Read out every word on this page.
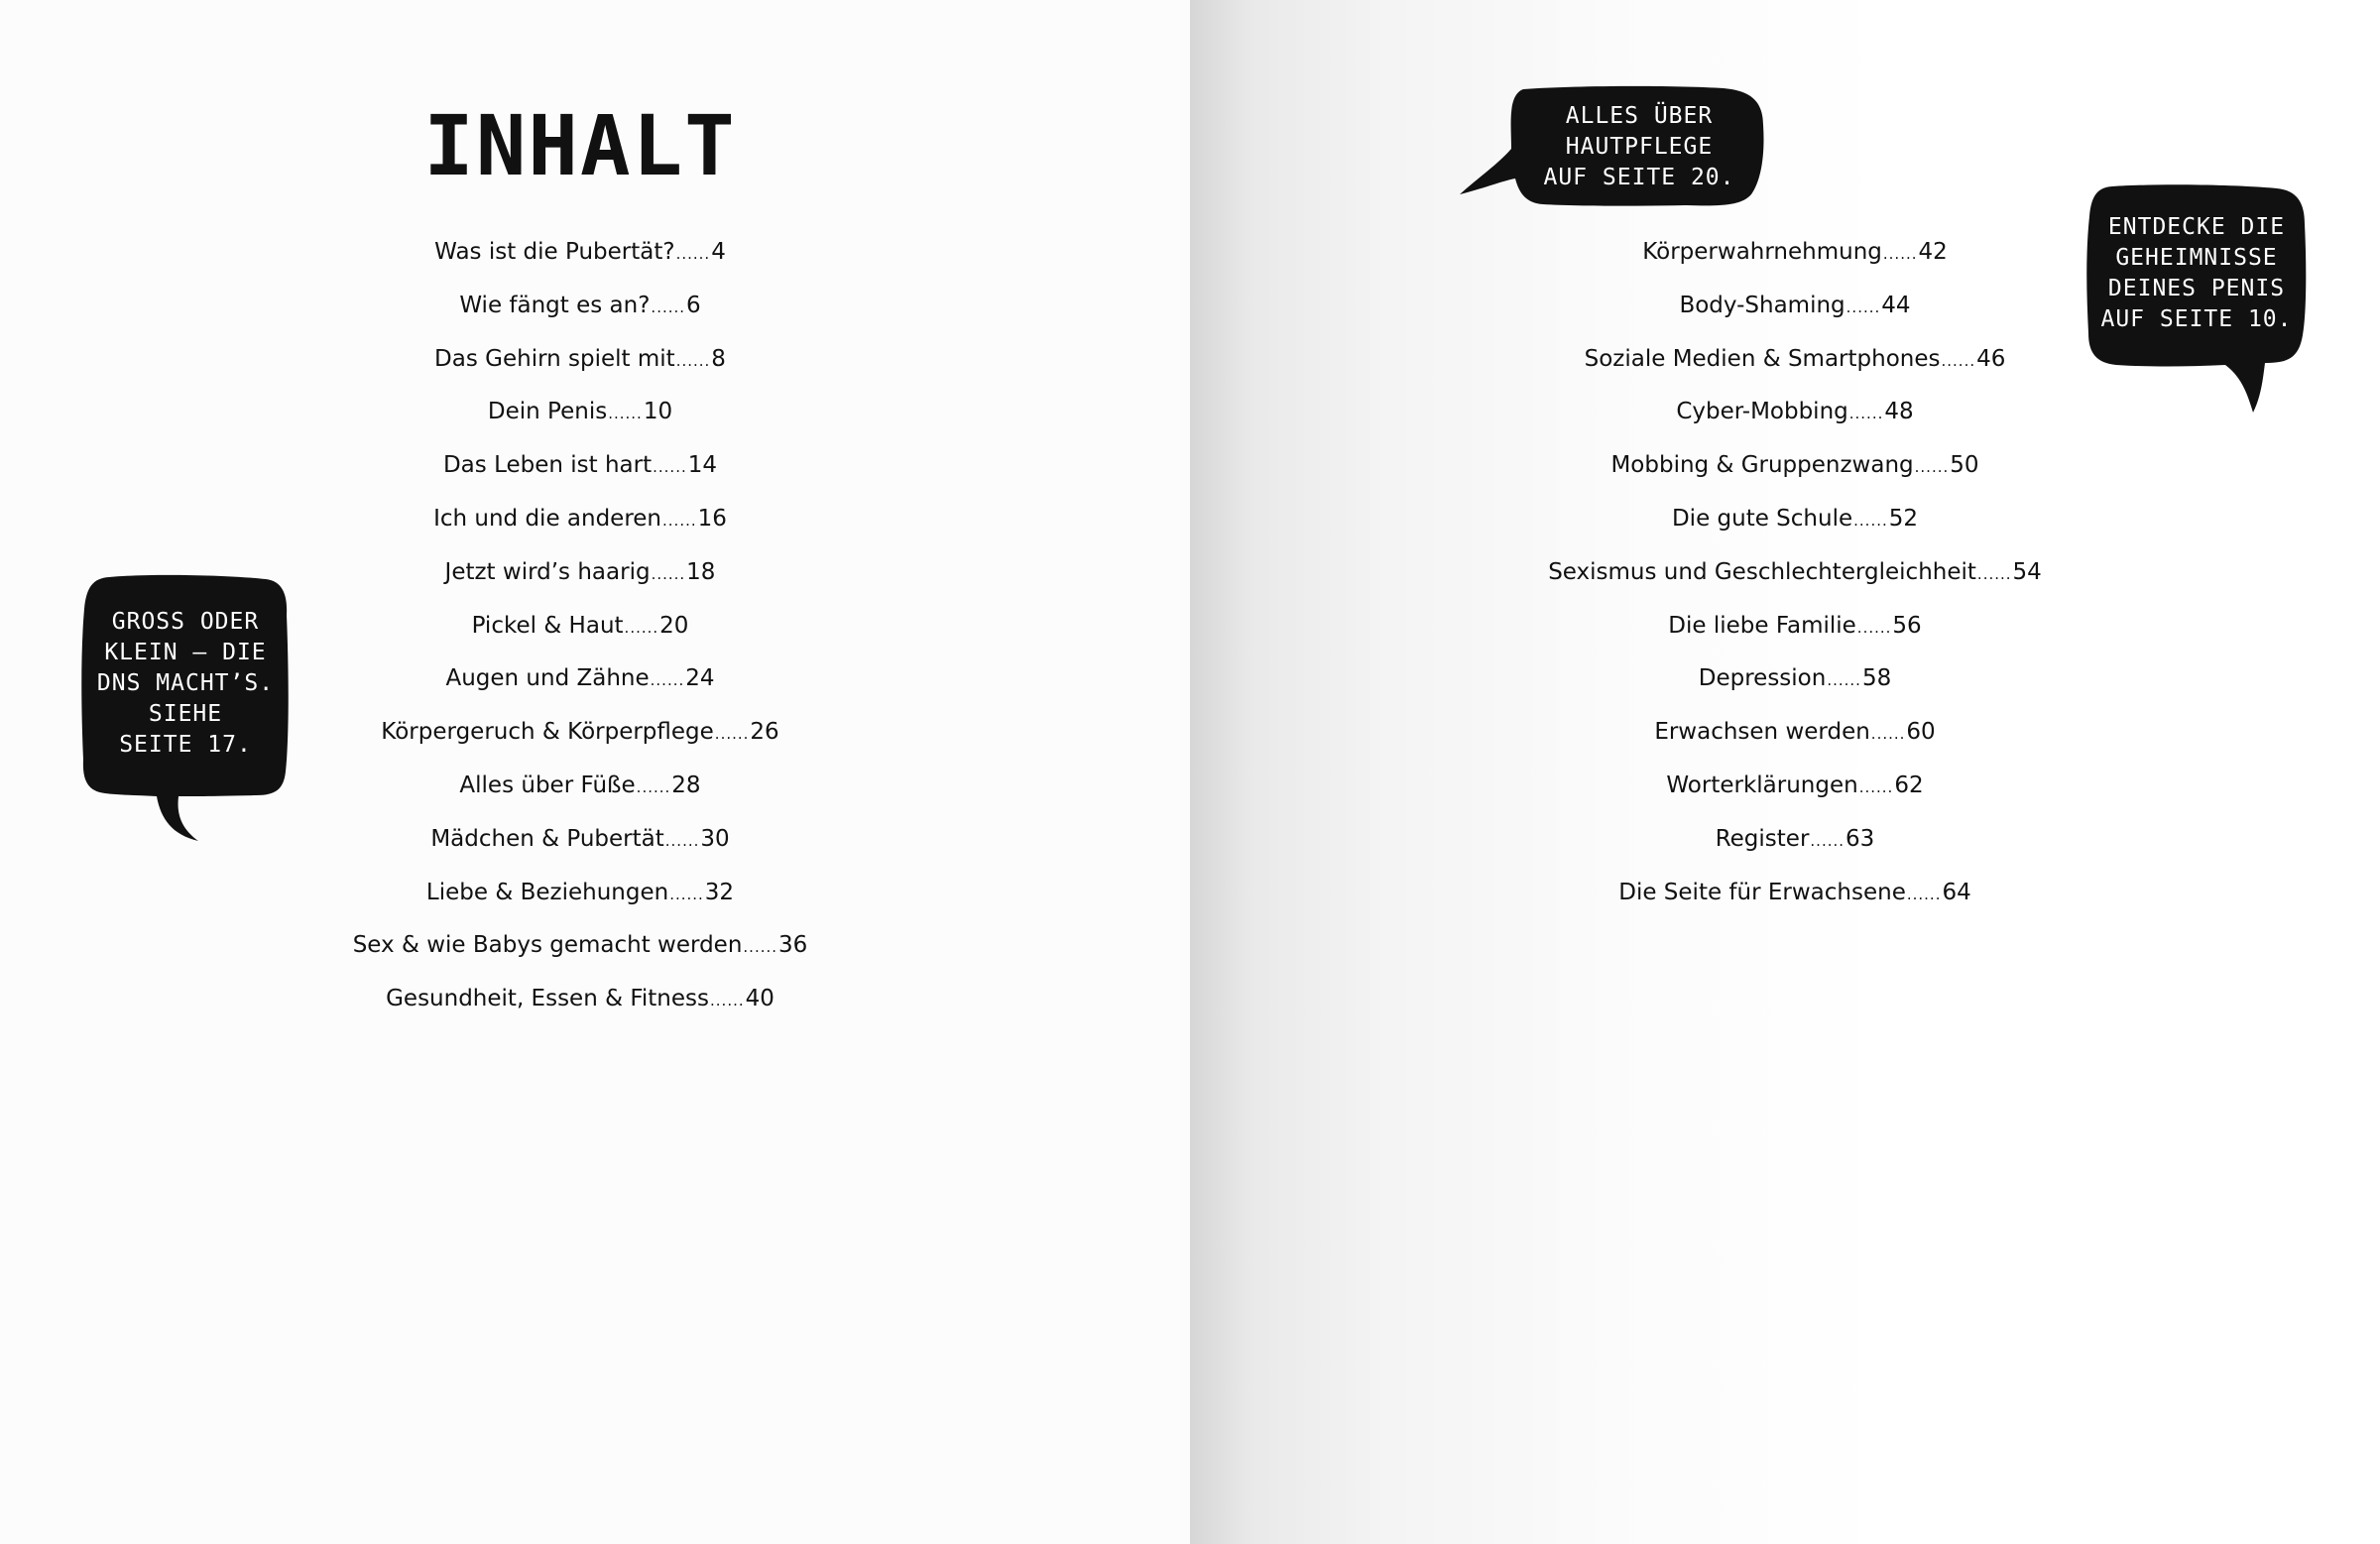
INHALT
Was ist die Pubertät?......4
Wie fängt es an?......6
Das Gehirn spielt mit......8
Dein Penis......10
Das Leben ist hart......14
Ich und die anderen......16
Jetzt wird’s haarig......18
Pickel & Haut......20
Augen und Zähne......24
Körpergeruch & Körperpflege......26
Alles über Füße......28
Mädchen & Pubertät......30
Liebe & Beziehungen......32
Sex & wie Babys gemacht werden......36
Gesundheit, Essen & Fitness......40
Körperwahrnehmung......42
Body-Shaming......44
Soziale Medien & Smartphones......46
Cyber-Mobbing......48
Mobbing & Gruppenzwang......50
Die gute Schule......52
Sexismus und Geschlechtergleichheit......54
Die liebe Familie......56
Depression......58
Erwachsen werden......60
Worterklärungen......62
Register......63
Die Seite für Erwachsene......64
GROSS ODER
KLEIN – DIE
DNS MACHT’S.
SIEHE
SEITE 17.
ALLES ÜBER
HAUTPFLEGE
AUF SEITE 20.
ENTDECKE DIE
GEHEIMNISSE
DEINES PENIS
AUF SEITE 10.
